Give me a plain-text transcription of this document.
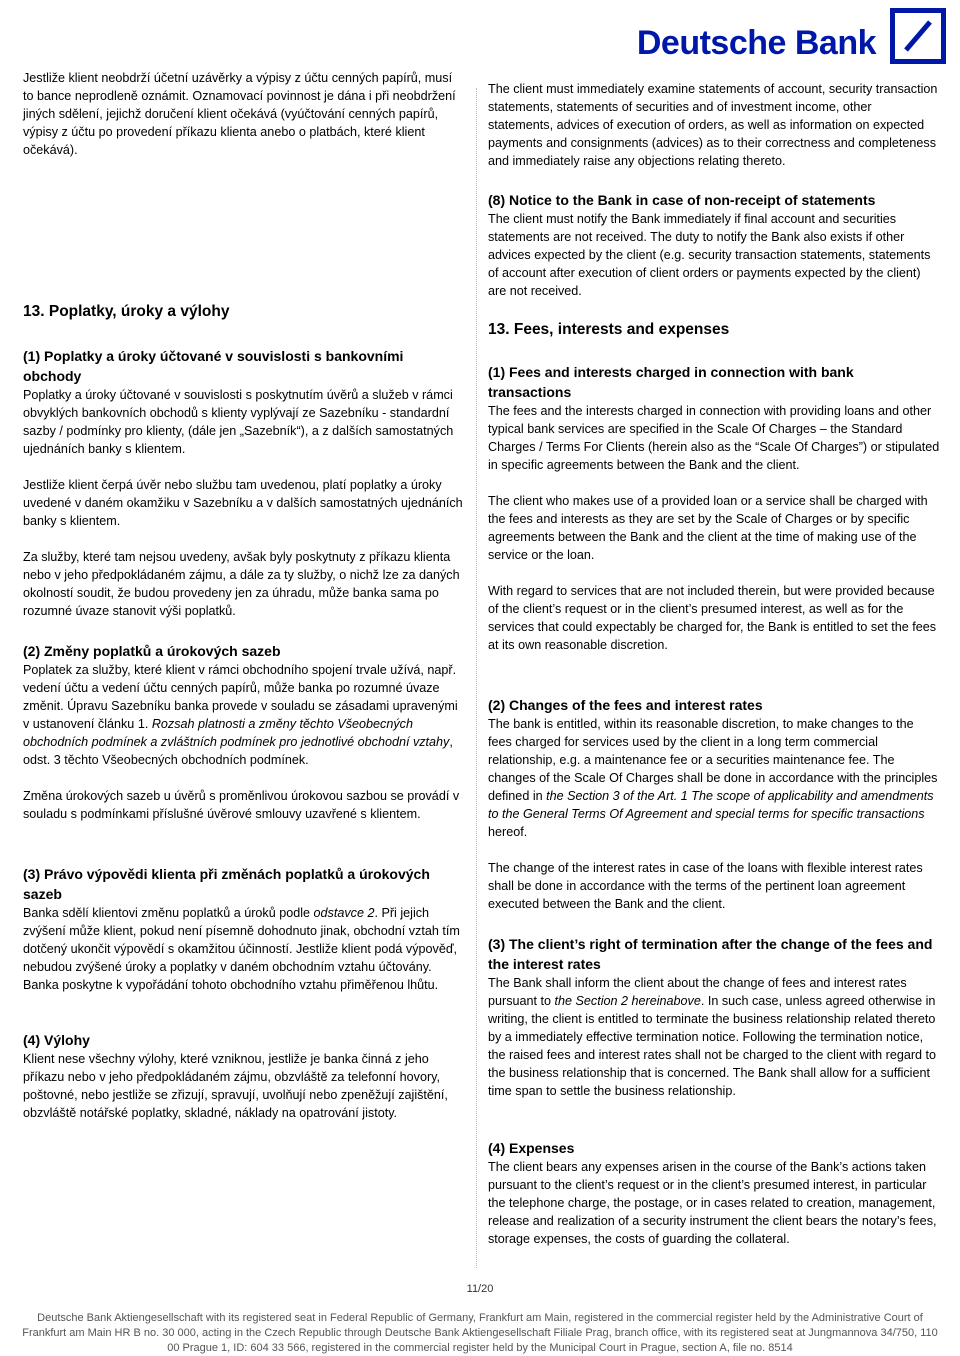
Deutsche Bank

Jestliže klient neobdrží účetní uzávěrky a výpisy z účtu cenných papírů, musí to bance neprodleně oznámit. Oznamovací povinnost je dána i při neobdržení jiných sdělení, jejichž doručení klient očekává (vyúčtování cenných papírů, výpisy z účtu po provedení příkazu klienta anebo o platbách, které klient očekává).

13. Poplatky, úroky a výlohy
(1) Poplatky a úroky účtované v souvislosti s bankovními obchody

Poplatky a úroky účtované v souvislosti s poskytnutím úvěrů a služeb v rámci obvyklých bankovních obchodů s klienty vyplývají ze Sazebníku - standardní sazby / podmínky pro klienty, (dále jen „Sazebník“), a z dalších samostatných ujednáních banky s klientem.

Jestliže klient čerpá úvěr nebo službu tam uvedenou, platí poplatky a úroky uvedené v daném okamžiku v Sazebníku a v dalších samostatných ujednáních banky s klientem.

Za služby, které tam nejsou uvedeny, avšak byly poskytnuty z příkazu klienta nebo v jeho předpokládaném zájmu, a dále za ty služby, o nichž lze za daných okolností soudit, že budou provedeny jen za úhradu, může banka sama po rozumné úvaze stanovit výši poplatků.

(2) Změny poplatků a úrokových sazeb

Poplatek za služby, které klient v rámci obchodního spojení trvale užívá, např. vedení účtu a vedení účtu cenných papírů, může banka po rozumné úvaze změnit. Úpravu Sazebníku banka provede v souladu se zásadami upravenými v ustanovení článku 1. Rozsah platnosti a změny těchto Všeobecných obchodních podmínek a zvláštních podmínek pro jednotlivé obchodní vztahy, odst. 3 těchto Všeobecných obchodních podmínek.

Změna úrokových sazeb u úvěrů s proměnlivou úrokovou sazbou se provádí v souladu s podmínkami příslušné úvěrové smlouvy uzavřené s klientem.

(3) Právo výpovědi klienta při změnách poplatků a úrokových sazeb

Banka sdělí klientovi změnu poplatků a úroků podle odstavce 2. Při jejich zvýšení může klient, pokud není písemně dohodnuto jinak, obchodní vztah tím dotčený ukončit výpovědí s okamžitou účinností. Jestliže klient podá výpověď, nebudou zvýšené úroky a poplatky v daném obchodním vztahu účtovány. Banka poskytne k vypořádání tohoto obchodního vztahu přiměřenou lhůtu.

(4) Výlohy

Klient nese všechny výlohy, které vzniknou, jestliže je banka činná z jeho příkazu nebo v jeho předpokládaném zájmu, obzvláště za telefonní hovory, poštovné, nebo jestliže se zřizují, spravují, uvolňují nebo zpeněžují zajištění, obzvláště notářské poplatky, skladné, náklady na opatrování jistoty.

The client must immediately examine statements of account, security transaction statements, statements of securities and of investment income, other statements, advices of execution of orders, as well as information on expected payments and consignments (advices) as to their correctness and completeness and immediately raise any objections relating thereto.

(8) Notice to the Bank in case of non-receipt of statements

The client must notify the Bank immediately if final account and securities statements are not received. The duty to notify the Bank also exists if other advices expected by the client (e.g. security transaction statements, statements of account after execution of client orders or payments expected by the client) are not received.

13. Fees, interests and expenses
(1) Fees and interests charged in connection with bank transactions

The fees and the interests charged in connection with providing loans and other typical bank services are specified in the Scale Of Charges – the Standard Charges / Terms For Clients (herein also as the “Scale Of Charges”) or stipulated in specific agreements between the Bank and the client.

The client who makes use of a provided loan or a service shall be charged with the fees and interests as they are set by the Scale of Charges or by specific agreements between the Bank and the client at the time of making use of the service or the loan.

With regard to services that are not included therein, but were provided because of the client’s request or in the client’s presumed interest, as well as for the services that could expectably be charged for, the Bank is entitled to set the fees at its own reasonable discretion.

(2) Changes of the fees and interest rates

The bank is entitled, within its reasonable discretion, to make changes to the fees charged for services used by the client in a long term commercial relationship, e.g. a maintenance fee or a securities maintenance fee. The changes of the Scale Of Charges shall be done in accordance with the principles defined in the Section 3 of the Art. 1 The scope of applicability and amendments to the General Terms Of Agreement and special terms for specific transactions hereof.

The change of the interest rates in case of the loans with flexible interest rates shall be done in accordance with the terms of the pertinent loan agreement executed between the Bank and the client.

(3) The client’s right of termination after the change of the fees and the interest rates

The Bank shall inform the client about the change of fees and interest rates pursuant to the Section 2 hereinabove. In such case, unless agreed otherwise in writing, the client is entitled to terminate the business relationship related thereto by a immediately effective termination notice. Following the termination notice, the raised fees and interest rates shall not be charged to the client with regard to the business relationship that is concerned. The Bank shall allow for a sufficient time span to settle the business relationship.

(4) Expenses

The client bears any expenses arisen in the course of the Bank’s actions taken pursuant to the client’s request or in the client’s presumed interest, in particular the telephone charge, the postage, or in cases related to creation, management, release and realization of a security instrument the client bears the notary’s fees, storage expenses, the costs of guarding the collateral.

11/20
Deutsche Bank Aktiengesellschaft with its registered seat in Federal Republic of Germany, Frankfurt am Main, registered in the commercial register held by the Administrative Court of Frankfurt am Main HR B no. 30 000, acting in the Czech Republic through Deutsche Bank Aktiengesellschaft Filiale Prag, branch office, with its registered seat at Jungmannova 34/750, 110 00 Prague 1, ID: 604 33 566, registered in the commercial register held by the Municipal Court in Prague, section A, file no. 8514
